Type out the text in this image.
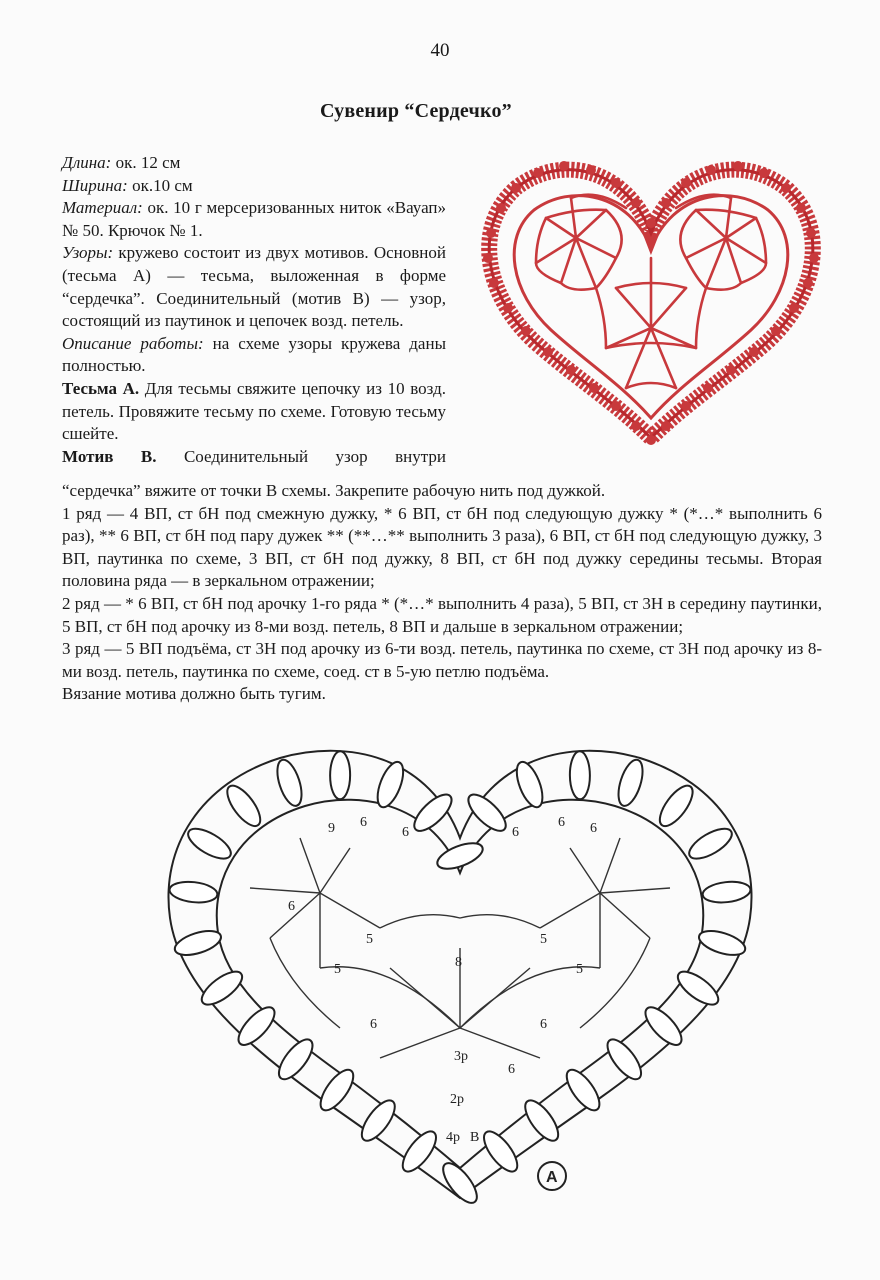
40
Сувенир “Сердечко”

Длина: ок. 12 см

Ширина: ок.10 см

Материал: ок. 10 г мерсеризованных ниток «Вауап» № 50. Крючок № 1.

Узоры: кружево состоит из двух мотивов. Основной (тесьма А) — тесьма, выложенная в форме “сердечка”. Соединительный (мотив В) — узор, состоящий из паутинок и цепочек возд. петель.

Описание работы: на схеме узоры кружева даны полностью.

Тесьма А. Для тесьмы свяжите цепочку из 10 возд. петель. Провяжите тесьму по схеме. Готовую тесьму сшейте.

Мотив В. Соединительный узор внутри

“сердечка” вяжите от точки В схемы. Закрепите рабочую нить под дужкой.

1 ряд — 4 ВП, ст бН под смежную дужку, * 6 ВП, ст бН под следующую дужку * (*…* выполнить 6 раз), ** 6 ВП, ст бН под пару дужек ** (**…** выполнить 3 раза), 6 ВП, ст бН под следующую дужку, 3 ВП, паутинка по схеме, 3 ВП, ст бН под дужку, 8 ВП, ст бН под дужку середины тесьмы. Вторая половина ряда — в зеркальном отражении;

2 ряд — * 6 ВП, ст бН под арочку 1-го ряда * (*…* выполнить 4 раза), 5 ВП, ст 3Н в середину паутинки, 5 ВП, ст бН под арочку из 8-ми возд. петель, 8 ВП и дальше в зеркальном отражении;

3 ряд — 5 ВП подъёма, ст 3Н под арочку из 6-ти возд. петель, паутинка по схеме, ст 3Н под арочку из 8-ми возд. петель, паутинка по схеме, соед. ст в 5-ую петлю подъёма.

Вязание мотива должно быть тугим.

9 6
6	6
6 6
6
5	5
5	5
8
6	6
6
3р
2р
4р В
А
